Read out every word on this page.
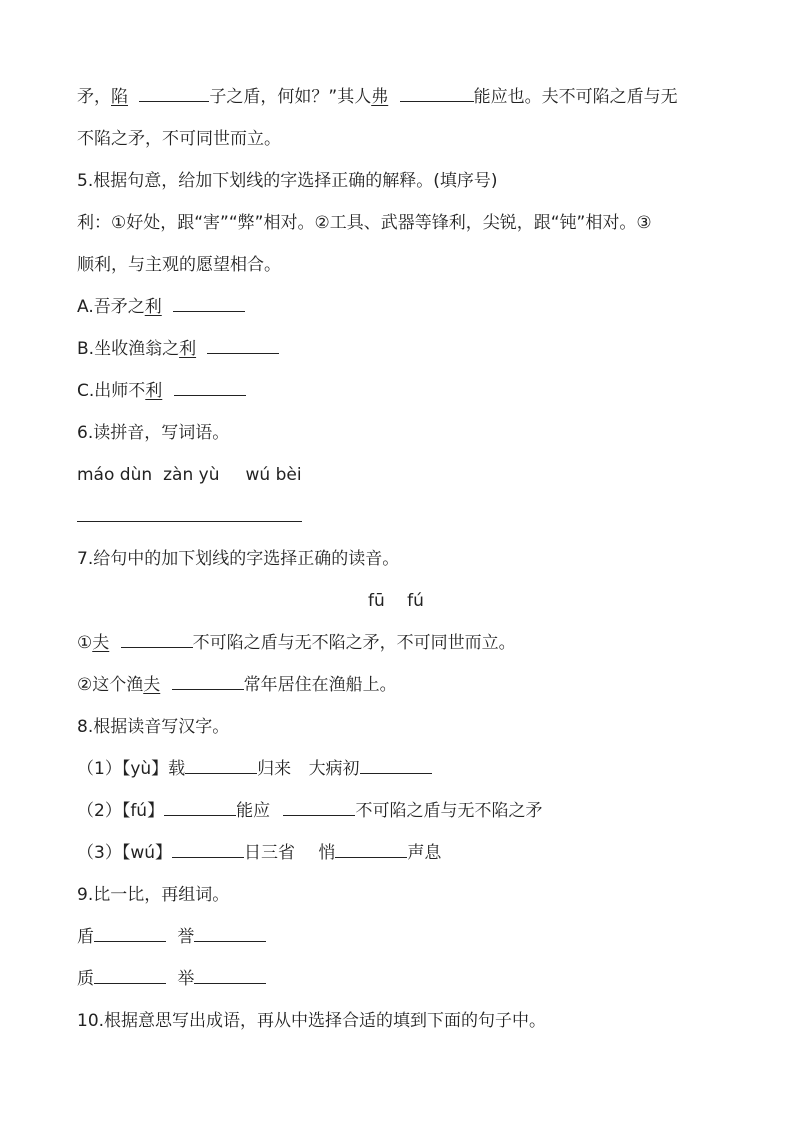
矛，陷	子之盾，何如？”其人弗	能应也。夫不可陷之盾与无
不陷之矛，不可同世而立。
5.根据句意，给加下划线的字选择正确的解释。(填序号)
利：①好处，跟“害”“弊”相对。②工具、武器等锋利，尖锐，跟“钝”相对。③
顺利，与主观的愿望相合。
A.吾矛之利
B.坐收渔翁之利
C.出师不利
6.读拼音，写词语。
máo dùn zàn yù wú bèi
7.给句中的加下划线的字选择正确的读音。
fū　 fú
①夫	不可陷之盾与无不陷之矛，不可同世而立。
②这个渔夫	常年居住在渔船上。
8.根据读音写汉字。
（1）【yù】载	归来 大病初
（2）【fú】	能应	不可陷之盾与无不陷之矛
（3）【wú】	日三省 悄	声息
9.比一比，再组词。
盾	誉
质	举
10.根据意思写出成语，再从中选择合适的填到下面的句子中。
